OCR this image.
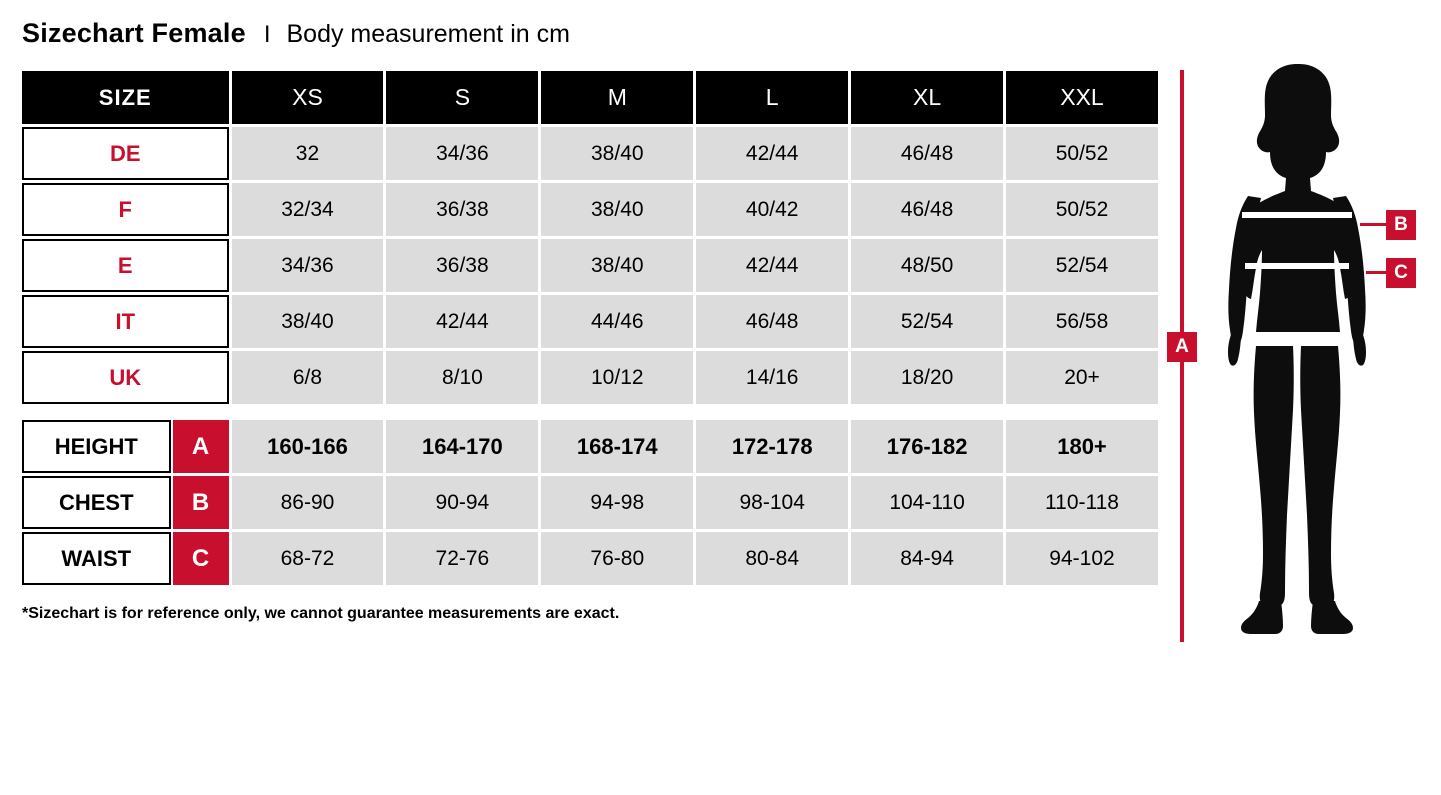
Sizechart Female I Body measurement in cm
SIZE	XS	S	M	L	XL	XXL
DE	32	34/36	38/40	42/44	46/48	50/52
F	32/34	36/38	38/40	40/42	46/48	50/52
E	34/36	36/38	38/40	42/44	48/50	52/54
IT	38/40	42/44	44/46	46/48	52/54	56/58
UK	6/8	8/10	10/12	14/16	18/20	20+
HEIGHT	A	160-166	164-170	168-174	172-178	176-182	180+
CHEST	B	86-90	90-94	94-98	98-104	104-110	110-118
WAIST	C	68-72	72-76	76-80	80-84	84-94	94-102
*Sizechart is for reference only, we cannot guarantee measurements are exact.
A
B
C
